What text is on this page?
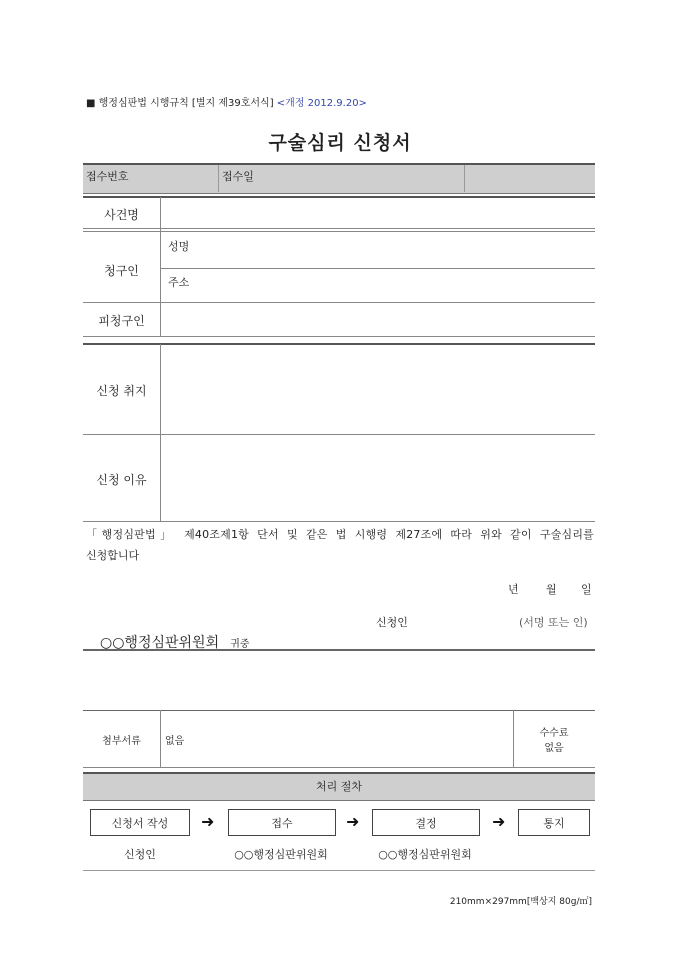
■ 행정심판법 시행규칙 [별지 제39호서식] <개정 2012.9.20>
구술심리 신청서
접수번호	접수일
사건명
청구인
성명
주소
피청구인
신청 취지
신청 이유
「행정심판법」 제40조제1항 단서 및 같은 법 시행령 제27조에 따라 위와 같이 구술심리를
신청합니다
년 월 일
신청인	(서명 또는 인)
○○행정심판위원회 귀중
첨부서류	없음
수수료
없음
처리 절차
신청서 작성	➜	접수	➜	결정	➜	통지
신청인	○○행정심판위원회	○○행정심판위원회
210mm×297mm[백상지 80g/㎡]
